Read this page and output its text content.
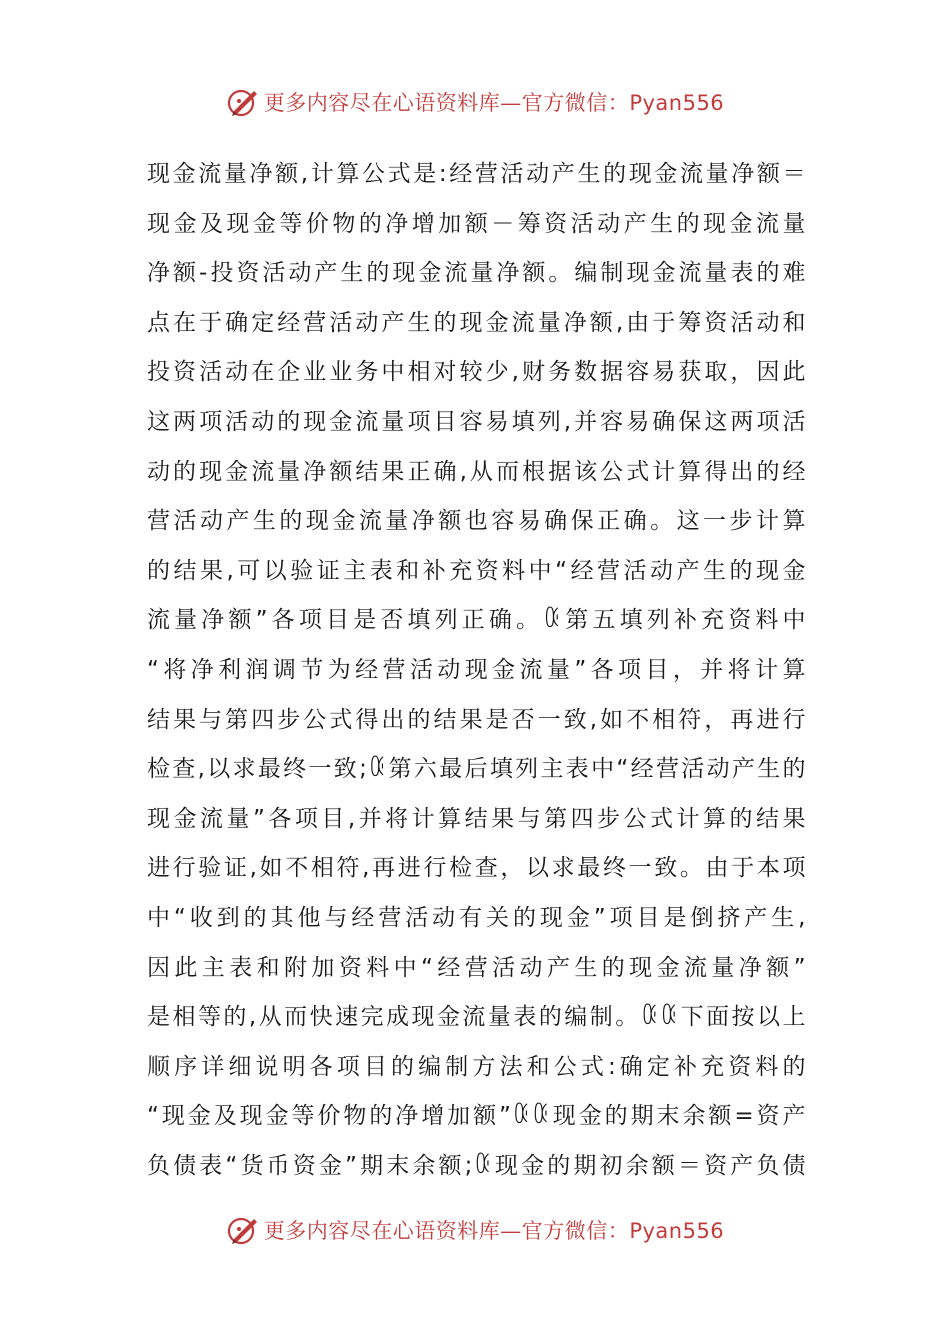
更多内容尽在心语资料库—官方微信：Pyan556
现金流量净额,计算公式是:经营活动产生的现金流量净额＝
现金及现金等价物的净增加额－筹资活动产生的现金流量
净额-投资活动产生的现金流量净额。编制现金流量表的难
点在于确定经营活动产生的现金流量净额,由于筹资活动和
投资活动在企业业务中相对较少,财务数据容易获取，因此
这两项活动的现金流量项目容易填列,并容易确保这两项活
动的现金流量净额结果正确,从而根据该公式计算得出的经
营活动产生的现金流量净额也容易确保正确。这一步计算
的结果,可以验证主表和补充资料中“经营活动产生的现金
流量净额”各项目是否填列正确。ꄰ第五填列补充资料中
“将净利润调节为经营活动现金流量”各项目，并将计算
结果与第四步公式得出的结果是否一致,如不相符，再进行
检查,以求最终一致;ꄰ第六最后填列主表中“经营活动产生的
现金流量”各项目,并将计算结果与第四步公式计算的结果
进行验证,如不相符,再进行检查，以求最终一致。由于本项
中“收到的其他与经营活动有关的现金”项目是倒挤产生,
因此主表和附加资料中“经营活动产生的现金流量净额”
是相等的,从而快速完成现金流量表的编制。ꄰꄰ下面按以上
顺序详细说明各项目的编制方法和公式:确定补充资料的
“现金及现金等价物的净增加额”ꄰꄰ现金的期末余额=资产
负债表“货币资金”期末余额;ꄰ现金的期初余额＝资产负债
更多内容尽在心语资料库—官方微信：Pyan556
